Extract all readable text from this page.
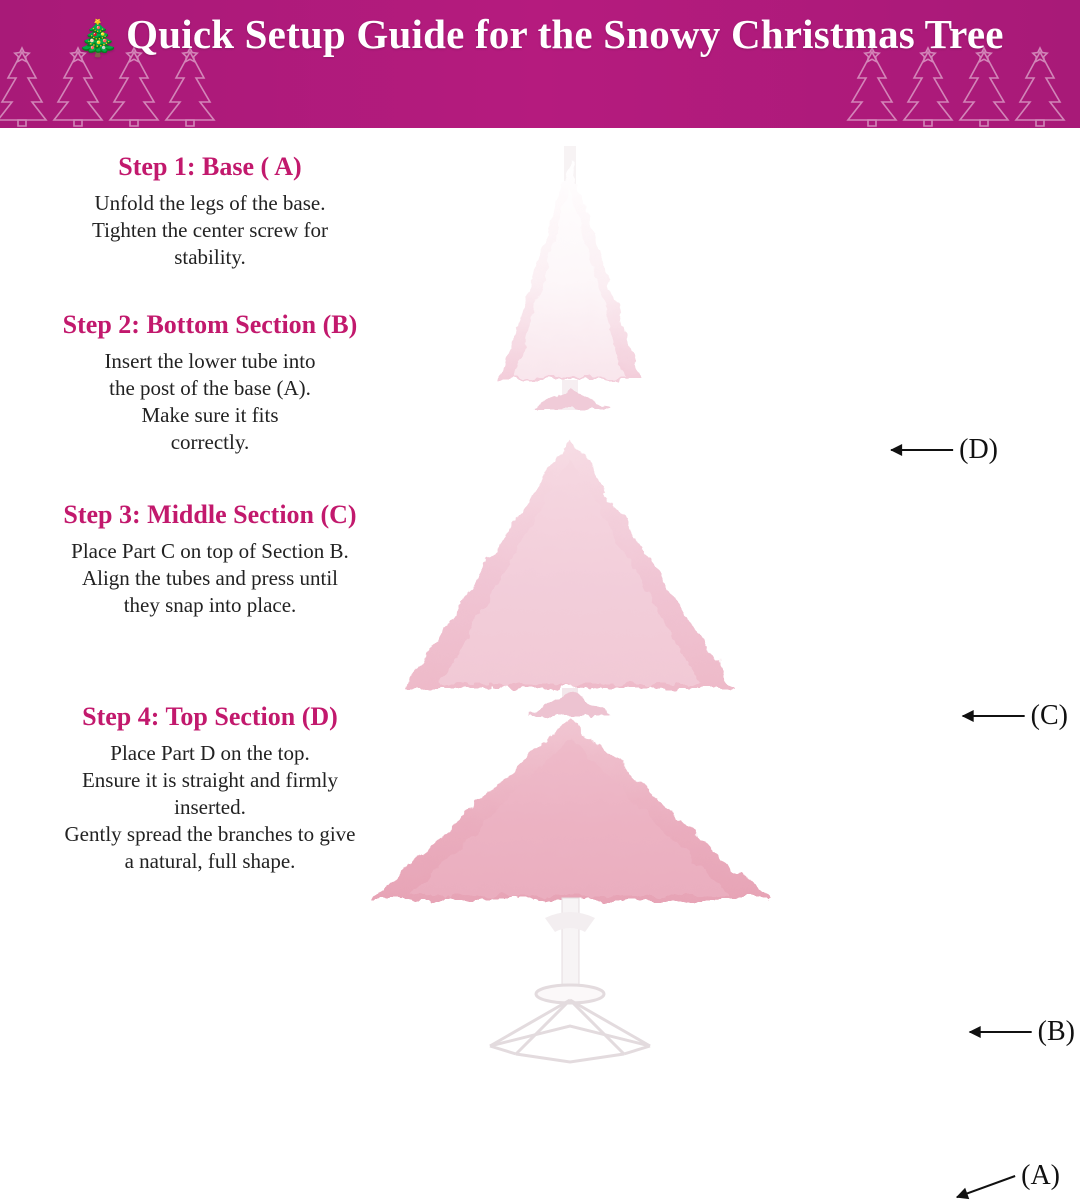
🎄 Quick Setup Guide for the Snowy Christmas Tree
(D)
(C)
(B)
(A)
Step 1: Base ( A)
Unfold the legs of the base.
Tighten the center screw for
stability.
Step 2: Bottom Section (B)
Insert the lower tube into
the post of the base (A).
Make sure it fits
correctly.
Step 3: Middle Section (C)
Place Part C on top of Section B.
Align the tubes and press until
they snap into place.
Step 4: Top Section (D)
Place Part D on the top.
Ensure it is straight and firmly
inserted.
Gently spread the branches to give
a natural, full shape.
